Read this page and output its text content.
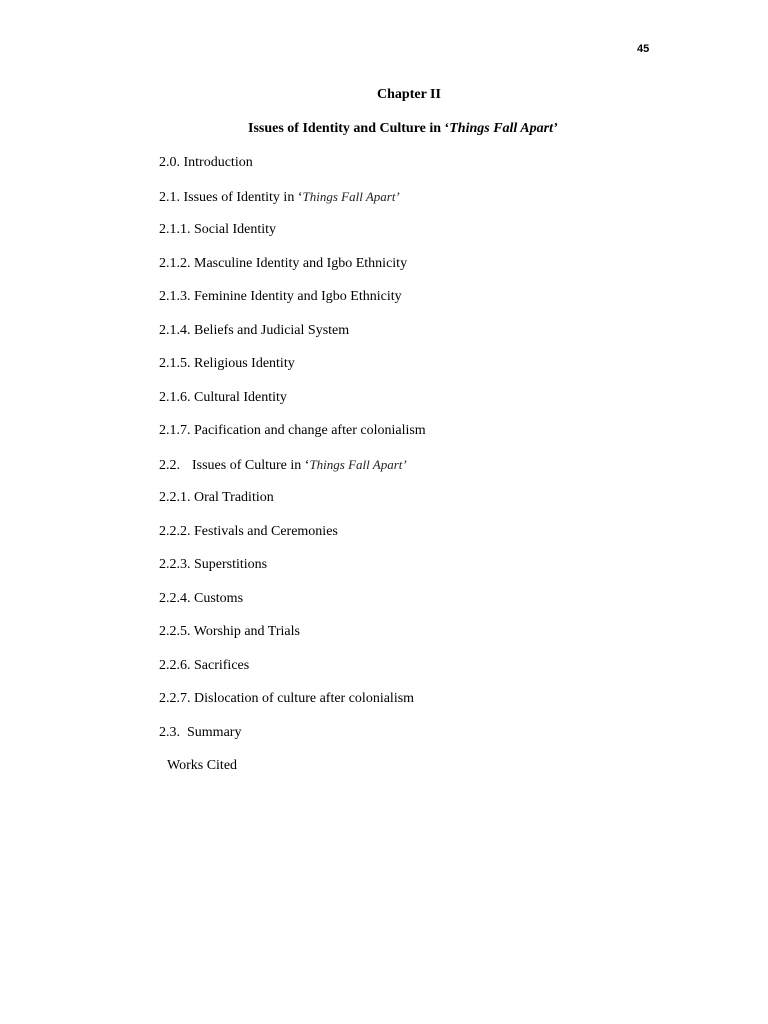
45
Chapter II
Issues of Identity and Culture in ‘Things Fall Apart’
2.0. Introduction
2.1. Issues of Identity in ‘Things Fall Apart’
2.1.1. Social Identity
2.1.2. Masculine Identity and Igbo Ethnicity
2.1.3. Feminine Identity and Igbo Ethnicity
2.1.4. Beliefs and Judicial System
2.1.5. Religious Identity
2.1.6. Cultural Identity
2.1.7. Pacification and change after colonialism
2.2. Issues of Culture in ‘Things Fall Apart’
2.2.1. Oral Tradition
2.2.2. Festivals and Ceremonies
2.2.3. Superstitions
2.2.4. Customs
2.2.5. Worship and Trials
2.2.6. Sacrifices
2.2.7. Dislocation of culture after colonialism
2.3. Summary
Works Cited
